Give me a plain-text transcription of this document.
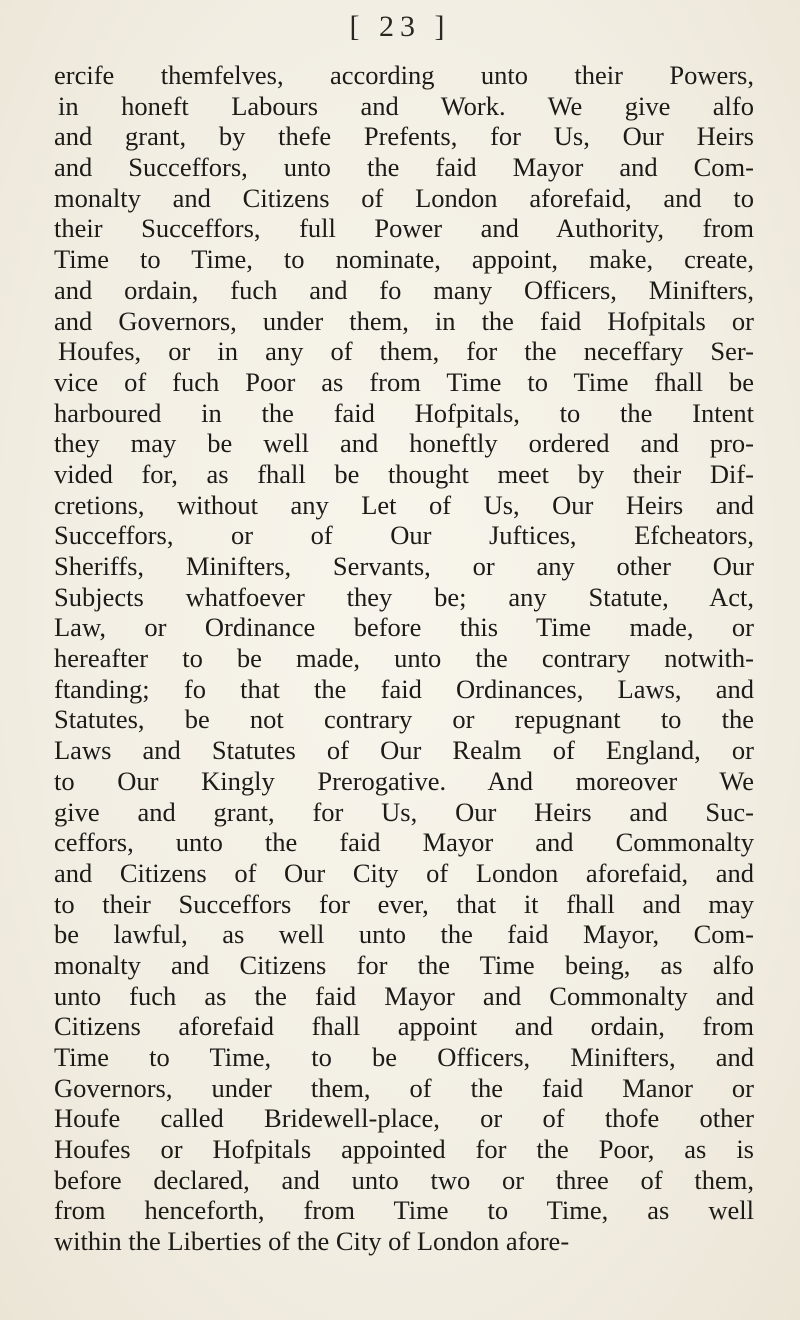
[ 23 ]
ercife themfelves, according unto their Powers,
in honeft Labours and Work. We give alfo
and grant, by thefe Prefents, for Us, Our Heirs
and Succeffors, unto the faid Mayor and Com-
monalty and Citizens of London aforefaid, and to
their Succeffors, full Power and Authority, from
Time to Time, to nominate, appoint, make, create,
and ordain, fuch and fo many Officers, Minifters,
and Governors, under them, in the faid Hofpitals or
Houfes, or in any of them, for the neceffary Ser-
vice of fuch Poor as from Time to Time fhall be
harboured in the faid Hofpitals, to the Intent
they may be well and honeftly ordered and pro-
vided for, as fhall be thought meet by their Dif-
cretions, without any Let of Us, Our Heirs and
Succeffors, or of Our Juftices, Efcheators,
Sheriffs, Minifters, Servants, or any other Our
Subjects whatfoever they be; any Statute, Act,
Law, or Ordinance before this Time made, or
hereafter to be made, unto the contrary notwith-
ftanding; fo that the faid Ordinances, Laws, and
Statutes, be not contrary or repugnant to the
Laws and Statutes of Our Realm of England, or
to Our Kingly Prerogative. And moreover We
give and grant, for Us, Our Heirs and Suc-
ceffors, unto the faid Mayor and Commonalty
and Citizens of Our City of London aforefaid, and
to their Succeffors for ever, that it fhall and may
be lawful, as well unto the faid Mayor, Com-
monalty and Citizens for the Time being, as alfo
unto fuch as the faid Mayor and Commonalty and
Citizens aforefaid fhall appoint and ordain, from
Time to Time, to be Officers, Minifters, and
Governors, under them, of the faid Manor or
Houfe called Bridewell-place, or of thofe other
Houfes or Hofpitals appointed for the Poor, as is
before declared, and unto two or three of them,
from henceforth, from Time to Time, as well
within the Liberties of the City of London afore-
